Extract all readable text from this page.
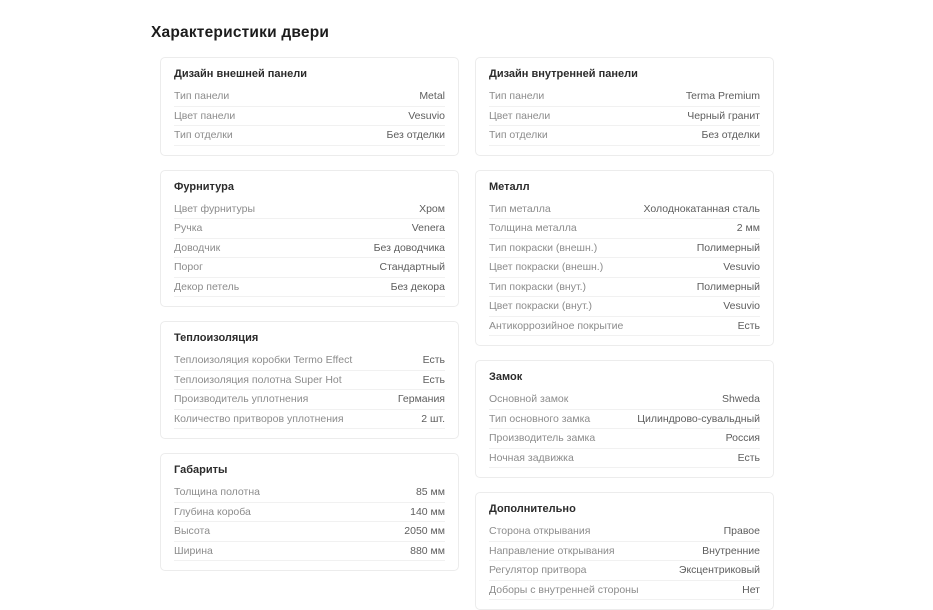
Характеристики двери
Дизайн внешней панели
Тип панели	Metal
Цвет панели	Vesuvio
Тип отделки	Без отделки
Фурнитура
Цвет фурнитуры	Хром
Ручка	Venera
Доводчик	Без доводчика
Порог	Стандартный
Декор петель	Без декора
Теплоизоляция
Теплоизоляция коробки Termo Effect	Есть
Теплоизоляция полотна Super Hot	Есть
Производитель уплотнения	Германия
Количество притворов уплотнения	2 шт.
Габариты
Толщина полотна	85 мм
Глубина короба	140 мм
Высота	2050 мм
Ширина	880 мм
Дизайн внутренней панели
Тип панели	Terma Premium
Цвет панели	Черный гранит
Тип отделки	Без отделки
Металл
Тип металла	Холоднокатанная сталь
Толщина металла	2 мм
Тип покраски (внешн.)	Полимерный
Цвет покраски (внешн.)	Vesuvio
Тип покраски (внут.)	Полимерный
Цвет покраски (внут.)	Vesuvio
Антикоррозийное покрытие	Есть
Замок
Основной замок	Shweda
Тип основного замка	Цилиндрово-сувальдный
Производитель замка	Россия
Ночная задвижка	Есть
Дополнительно
Сторона открывания	Правое
Направление открывания	Внутренние
Регулятор притвора	Эксцентриковый
Доборы с внутренней стороны	Нет
